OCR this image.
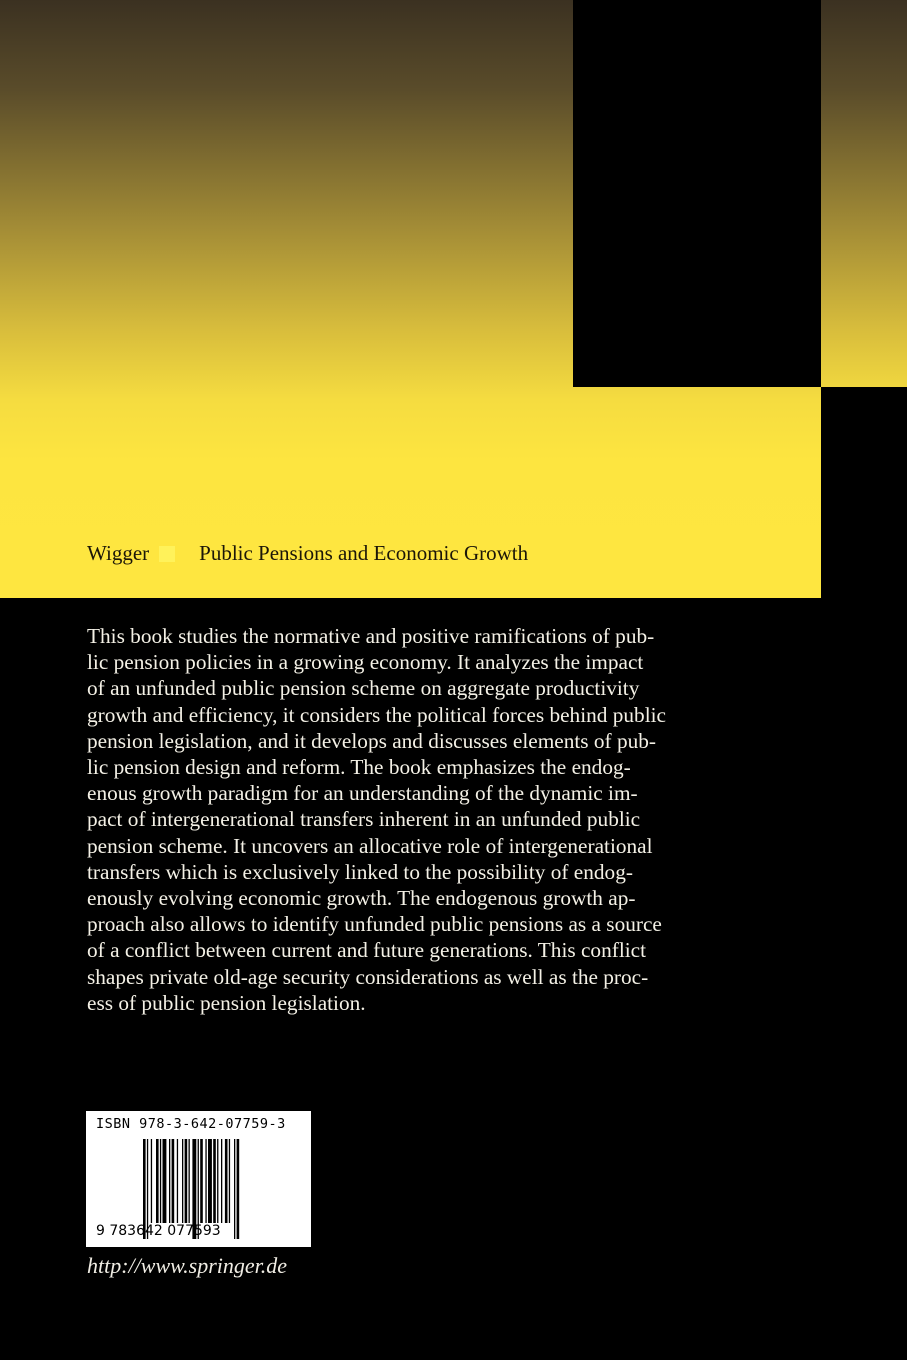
Wigger Public Pensions and Economic Growth
This book studies the normative and positive ramifications of pub-
lic pension policies in a growing economy. It analyzes the impact
of an unfunded public pension scheme on aggregate productivity
growth and efficiency, it considers the political forces behind public
pension legislation, and it develops and discusses elements of pub-
lic pension design and reform. The book emphasizes the endog-
enous growth paradigm for an understanding of the dynamic im-
pact of intergenerational transfers inherent in an unfunded public
pension scheme. It uncovers an allocative role of intergenerational
transfers which is exclusively linked to the possibility of endog-
enously evolving economic growth. The endogenous growth ap-
proach also allows to identify unfunded public pensions as a source
of a conflict between current and future generations. This conflict
shapes private old-age security considerations as well as the proc-
ess of public pension legislation.
ISBN 978-3-642-07759-3
9 783642 077593
http://www.springer.de
